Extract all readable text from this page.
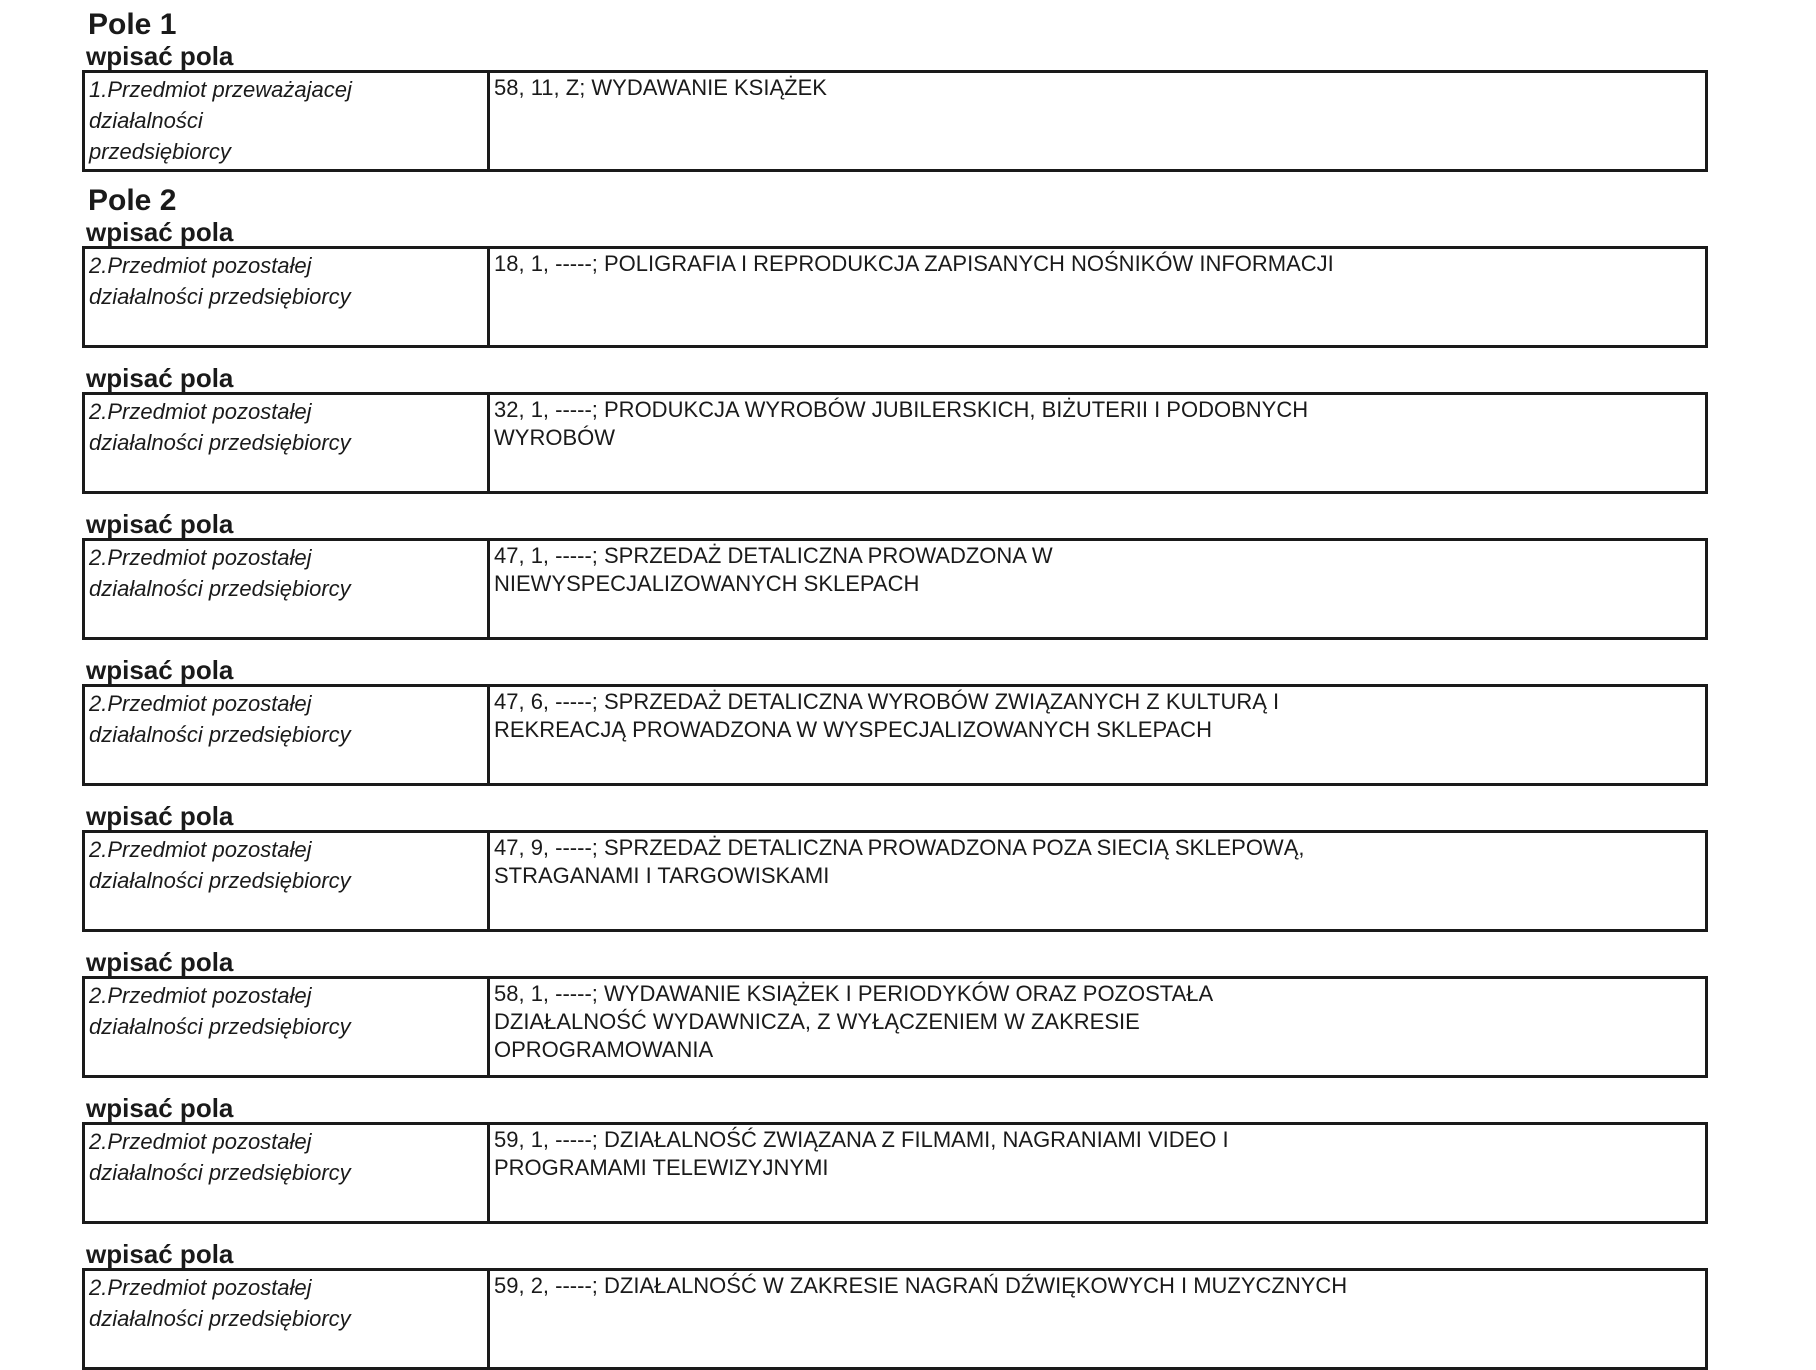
Pole 1
wpisać pola
1.Przedmiot przeważajacej
działalności
przedsiębiorcy
58, 11, Z; WYDAWANIE KSIĄŻEK
Pole 2
wpisać pola
2.Przedmiot pozostałej
działalności przedsiębiorcy
18, 1, -----; POLIGRAFIA I REPRODUKCJA ZAPISANYCH NOŚNIKÓW INFORMACJI
wpisać pola
2.Przedmiot pozostałej
działalności przedsiębiorcy
32, 1, -----; PRODUKCJA WYROBÓW JUBILERSKICH, BIŻUTERII I PODOBNYCH
WYROBÓW
wpisać pola
2.Przedmiot pozostałej
działalności przedsiębiorcy
47, 1, -----; SPRZEDAŻ DETALICZNA PROWADZONA W
NIEWYSPECJALIZOWANYCH SKLEPACH
wpisać pola
2.Przedmiot pozostałej
działalności przedsiębiorcy
47, 6, -----; SPRZEDAŻ DETALICZNA WYROBÓW ZWIĄZANYCH Z KULTURĄ I
REKREACJĄ PROWADZONA W WYSPECJALIZOWANYCH SKLEPACH
wpisać pola
2.Przedmiot pozostałej
działalności przedsiębiorcy
47, 9, -----; SPRZEDAŻ DETALICZNA PROWADZONA POZA SIECIĄ SKLEPOWĄ,
STRAGANAMI I TARGOWISKAMI
wpisać pola
2.Przedmiot pozostałej
działalności przedsiębiorcy
58, 1, -----; WYDAWANIE KSIĄŻEK I PERIODYKÓW ORAZ POZOSTAŁA
DZIAŁALNOŚĆ WYDAWNICZA, Z WYŁĄCZENIEM W ZAKRESIE
OPROGRAMOWANIA
wpisać pola
2.Przedmiot pozostałej
działalności przedsiębiorcy
59, 1, -----; DZIAŁALNOŚĆ ZWIĄZANA Z FILMAMI, NAGRANIAMI VIDEO I
PROGRAMAMI TELEWIZYJNYMI
wpisać pola
2.Przedmiot pozostałej
działalności przedsiębiorcy
59, 2, -----; DZIAŁALNOŚĆ W ZAKRESIE NAGRAŃ DŹWIĘKOWYCH I MUZYCZNYCH
